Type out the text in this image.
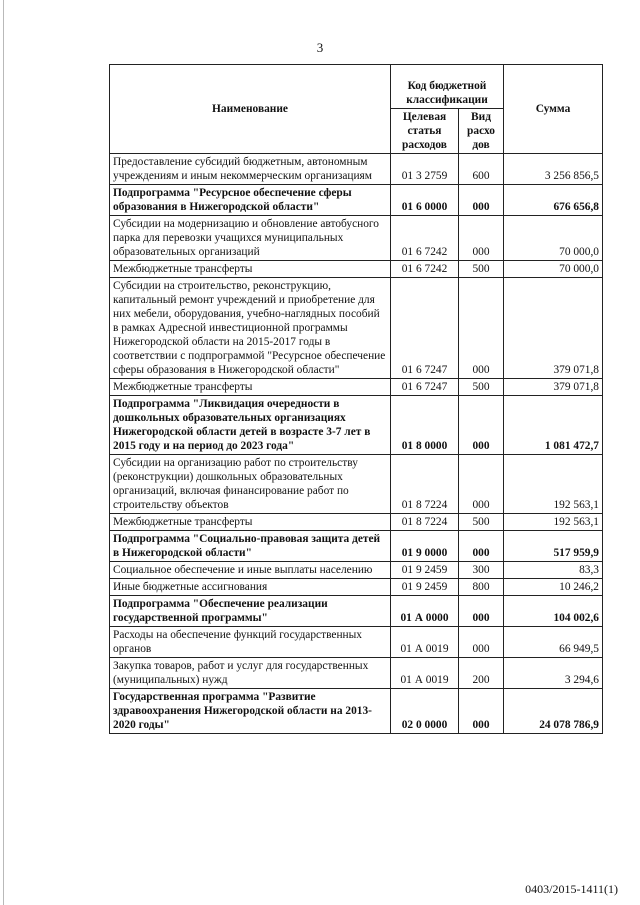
3
Наименование	Код бюджетной классификации		Сумма
	Целевая статья расходов	Вид расхо дов	
Предоставление субсидий бюджетным, автономным учреждениям и иным некоммерческим организациям	01 3 2759	600	3 256 856,5
Подпрограмма "Ресурсное обеспечение сферы образования в Нижегородской области"	01 6 0000	000	676 656,8
Субсидии на модернизацию и обновление автобусного парка для перевозки учащихся муниципальных образовательных организаций	01 6 7242	000	70 000,0
Межбюджетные трансферты	01 6 7242	500	70 000,0
Субсидии на строительство, реконструкцию, капитальный ремонт учреждений и приобретение для них мебели, оборудования, учебно-наглядных пособий в рамках Адресной инвестиционной программы Нижегородской области на 2015-2017 годы в соответствии с подпрограммой "Ресурсное обеспечение сферы образования в Нижегородской области"	01 6 7247	000	379 071,8
Межбюджетные трансферты	01 6 7247	500	379 071,8
Подпрограмма "Ликвидация очередности в дошкольных образовательных организациях Нижегородской области детей в возрасте 3-7 лет в 2015 году и на период до 2023 года"	01 8 0000	000	1 081 472,7
Субсидии на организацию работ по строительству (реконструкции) дошкольных образовательных организаций, включая финансирование работ по строительству объектов	01 8 7224	000	192 563,1
Межбюджетные трансферты	01 8 7224	500	192 563,1
Подпрограмма "Социально-правовая защита детей в Нижегородской области"	01 9 0000	000	517 959,9
Социальное обеспечение и иные выплаты населению	01 9 2459	300	83,3
Иные бюджетные ассигнования	01 9 2459	800	10 246,2
Подпрограмма "Обеспечение реализации государственной программы"	01 А 0000	000	104 002,6
Расходы на обеспечение функций государственных органов	01 А 0019	000	66 949,5
Закупка товаров, работ и услуг для государственных (муниципальных) нужд	01 А 0019	200	3 294,6
Государственная программа "Развитие здравоохранения Нижегородской области на 2013-2020 годы"	02 0 0000	000	24 078 786,9
0403/2015-1411(1)
